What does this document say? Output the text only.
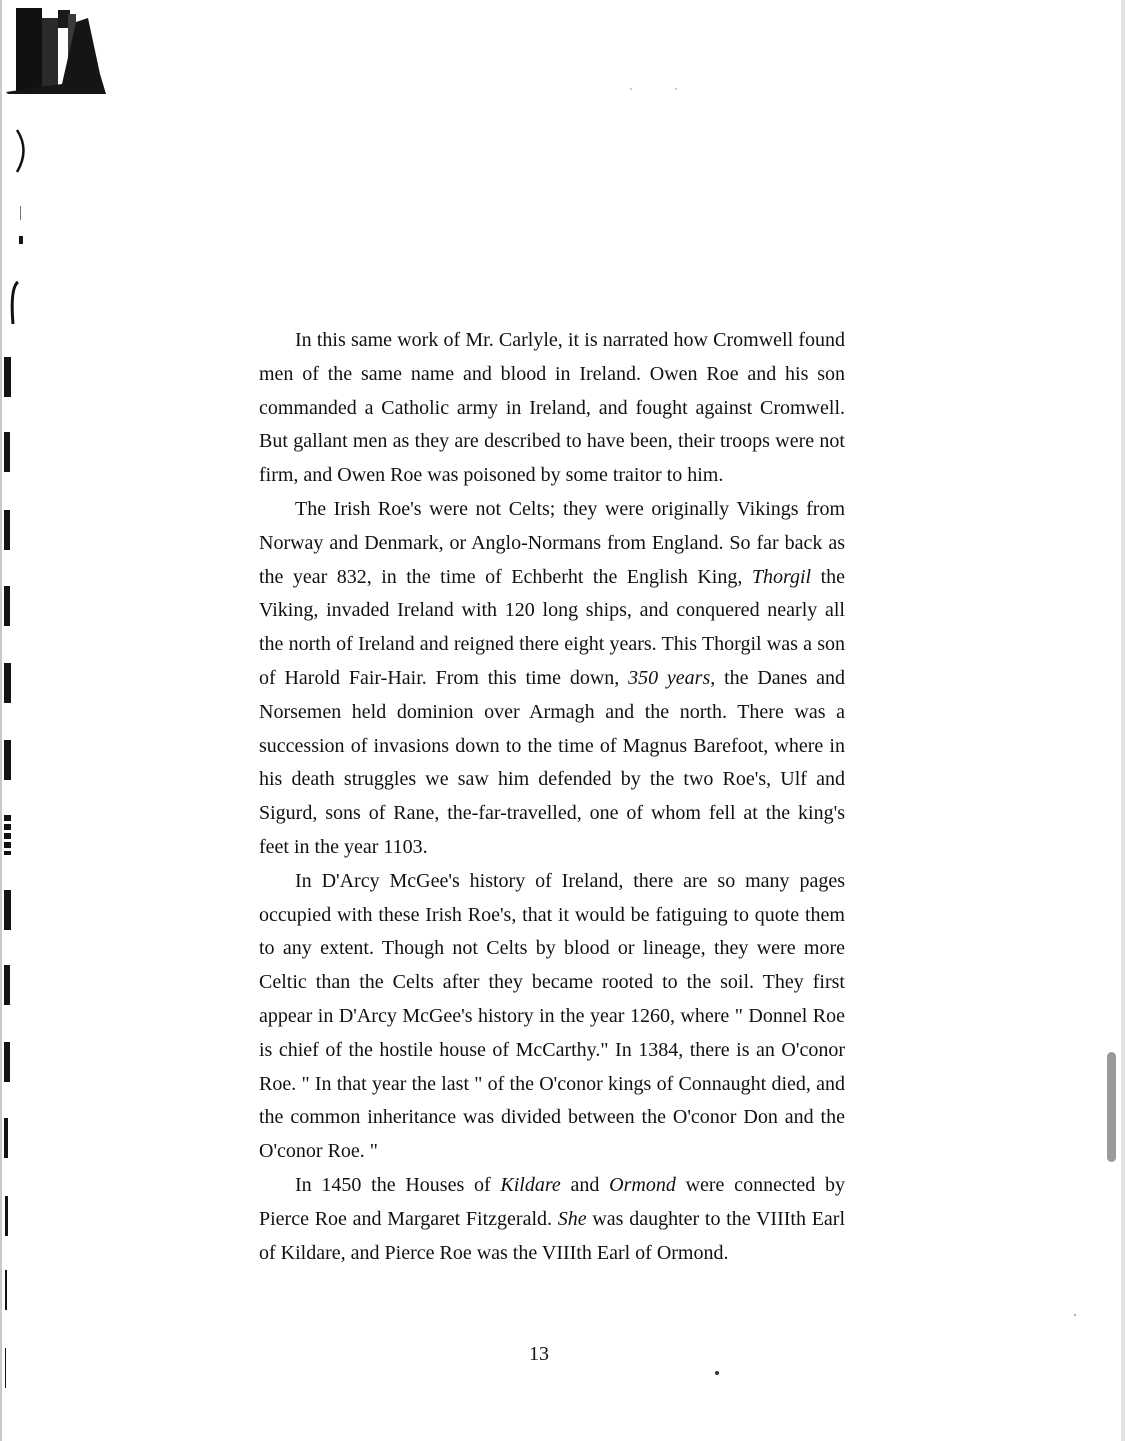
In this same work of Mr. Carlyle, it is narrated how Cromwell found men of the same name and blood in Ireland. Owen Roe and his son commanded a Catholic army in Ireland, and fought against Cromwell. But gallant men as they are described to have been, their troops were not firm, and Owen Roe was poisoned by some traitor to him.

The Irish Roe's were not Celts; they were originally Vikings from Norway and Denmark, or Anglo-Normans from England. So far back as the year 832, in the time of Echberht the English King, Thorgil the Viking, invaded Ireland with 120 long ships, and conquered nearly all the north of Ireland and reigned there eight years. This Thorgil was a son of Harold Fair-Hair. From this time down, 350 years, the Danes and Norsemen held dominion over Armagh and the north. There was a succession of invasions down to the time of Magnus Barefoot, where in his death struggles we saw him defended by the two Roe's, Ulf and Sigurd, sons of Rane, the-far-travelled, one of whom fell at the king's feet in the year 1103.

In D'Arcy McGee's history of Ireland, there are so many pages occupied with these Irish Roe's, that it would be fatiguing to quote them to any extent. Though not Celts by blood or lineage, they were more Celtic than the Celts after they became rooted to the soil. They first appear in D'Arcy McGee's history in the year 1260, where " Donnel Roe is chief of the hostile house of McCarthy." In 1384, there is an O'conor Roe. " In that year the last " of the O'conor kings of Connaught died, and the common inheritance was divided between the O'conor Don and the O'conor Roe. "

In 1450 the Houses of Kildare and Ormond were connected by Pierce Roe and Margaret Fitzgerald. She was daughter to the VIIIth Earl of Kildare, and Pierce Roe was the VIIIth Earl of Ormond.

13
